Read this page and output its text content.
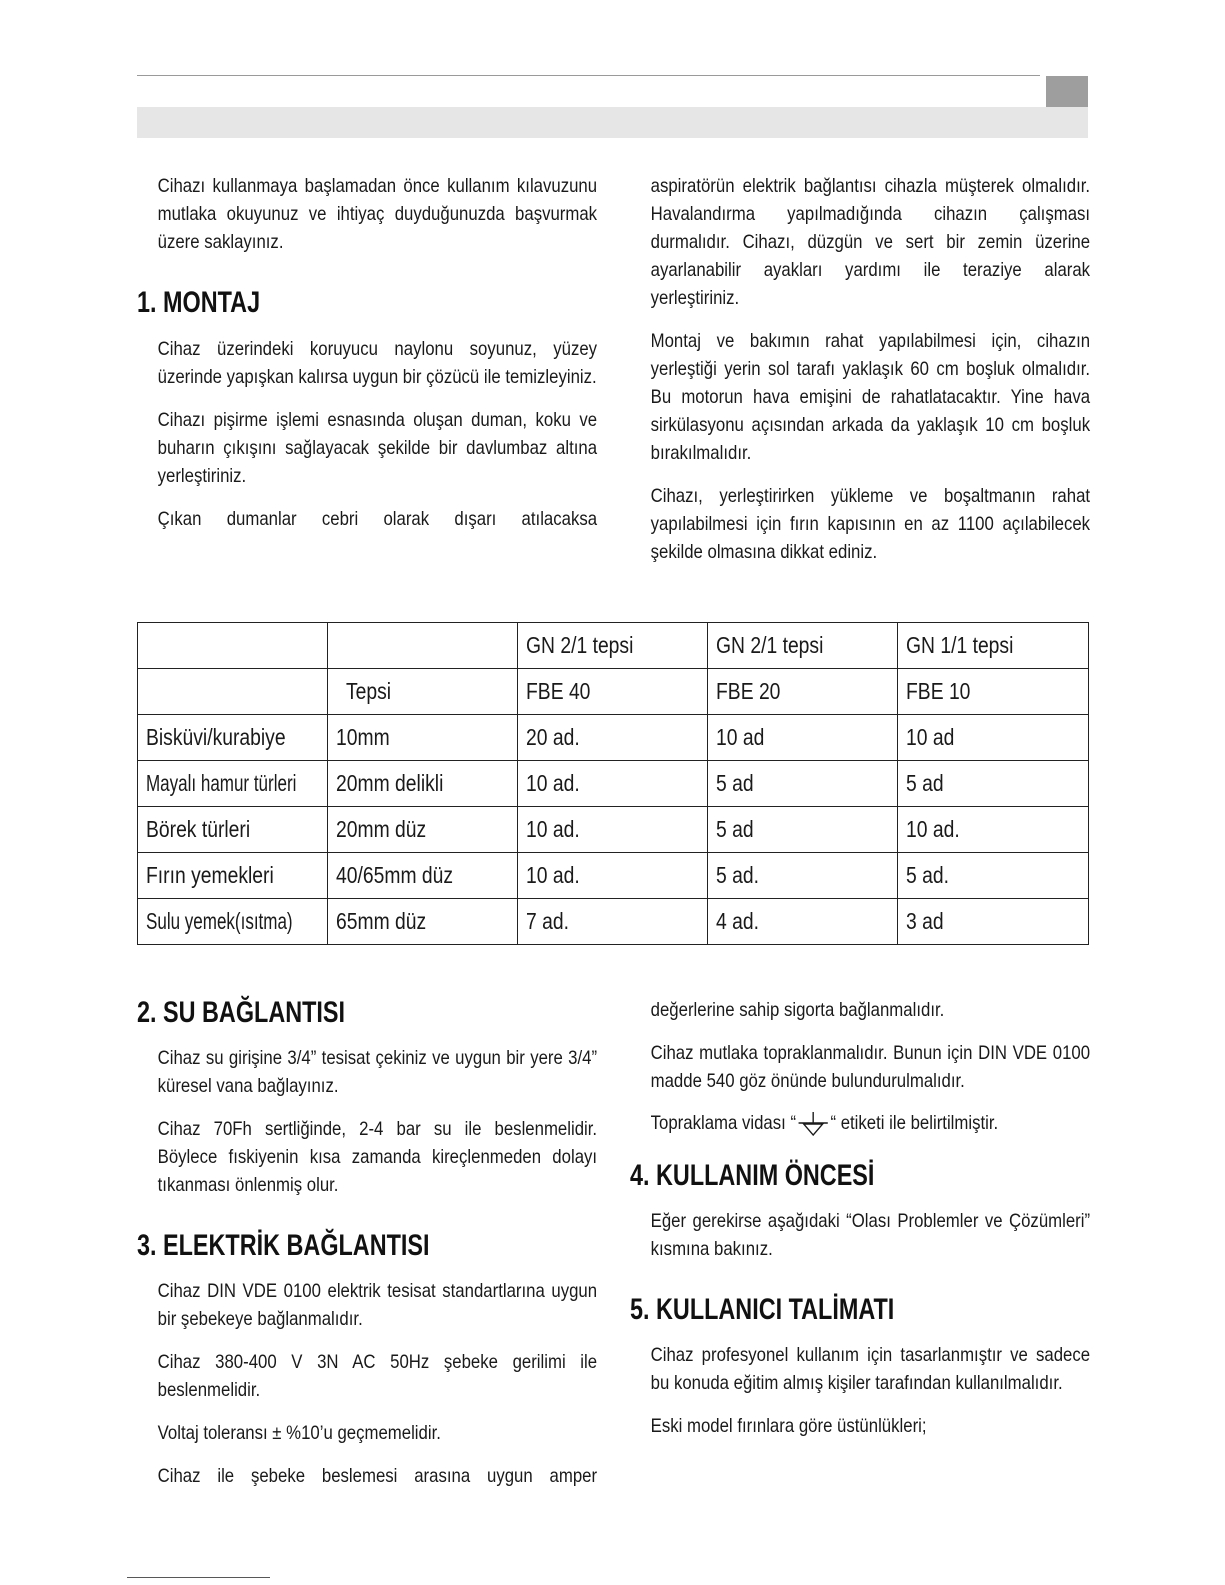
Cihazı kullanmaya başlamadan önce kullanım kılavuzunu mutlaka okuyunuz ve ihtiyaç duyduğunuzda başvurmak üzere saklayınız.

1. MONTAJ

Cihaz üzerindeki koruyucu naylonu soyunuz, yüzey üzerinde yapışkan kalırsa uygun bir çözücü ile temizleyiniz.

Cihazı pişirme işlemi esnasında oluşan duman, koku ve buharın çıkışını sağlayacak şekilde bir davlumbaz altına yerleştiriniz.

Çıkan dumanlar cebri olarak dışarı atılacaksa

aspiratörün elektrik bağlantısı cihazla müşterek olmalıdır. Havalandırma yapılmadığında cihazın çalışması durmalıdır. Cihazı, düzgün ve sert bir zemin üzerine ayarlanabilir ayakları yardımı ile teraziye alarak yerleştiriniz.

Montaj ve bakımın rahat yapılabilmesi için, cihazın yerleştiği yerin sol tarafı yaklaşık 60 cm boşluk olmalıdır. Bu motorun hava emişini de rahatlatacaktır. Yine hava sirkülasyonu açısından arkada da yaklaşık 10 cm boşluk bırakılmalıdır.

Cihazı, yerleştirirken yükleme ve boşaltmanın rahat yapılabilmesi için fırın kapısının en az 1100 açılabilecek şekilde olmasına dikkat ediniz.

		GN 2/1 tepsi	GN 2/1 tepsi	GN 1/1 tepsi
	Tepsi	FBE 40	FBE 20	FBE 10
Bisküvi/kurabiye	10mm	20 ad.	10 ad	10 ad
Mayalı hamur türleri	20mm delikli	10 ad.	5 ad	5 ad
Börek türleri	20mm düz	10 ad.	5 ad	10 ad.
Fırın yemekleri	40/65mm düz	10 ad.	5 ad.	5 ad.
Sulu yemek(ısıtma)	65mm düz	7 ad.	4 ad.	3 ad
2. SU BAĞLANTISI

Cihaz su girişine 3/4” tesisat çekiniz ve uygun bir yere 3/4” küresel vana bağlayınız.

Cihaz 70Fh sertliğinde, 2-4 bar su ile beslenmelidir. Böylece fıskiyenin kısa zamanda kireçlenmeden dolayı tıkanması önlenmiş olur.

3. ELEKTRİK BAĞLANTISI

Cihaz DIN VDE 0100 elektrik tesisat standartlarına uygun bir şebekeye bağlanmalıdır.

Cihaz 380-400 V 3N AC 50Hz şebeke gerilimi ile beslenmelidir.

Voltaj toleransı ± %10’u geçmemelidir.

Cihaz ile şebeke beslemesi arasına uygun amper

değerlerine sahip sigorta bağlanmalıdır.

Cihaz mutlaka topraklanmalıdır. Bunun için DIN VDE 0100 madde 540 göz önünde bulundurulmalıdır.

Topraklama vidası “ “ etiketi ile belirtilmiştir.

4. KULLANIM ÖNCESİ

Eğer gerekirse aşağıdaki “Olası Problemler ve Çözümleri” kısmına bakınız.

5. KULLANICI TALİMATI

Cihaz profesyonel kullanım için tasarlanmıştır ve sadece bu konuda eğitim almış kişiler tarafından kullanılmalıdır.

Eski model fırınlara göre üstünlükleri;
